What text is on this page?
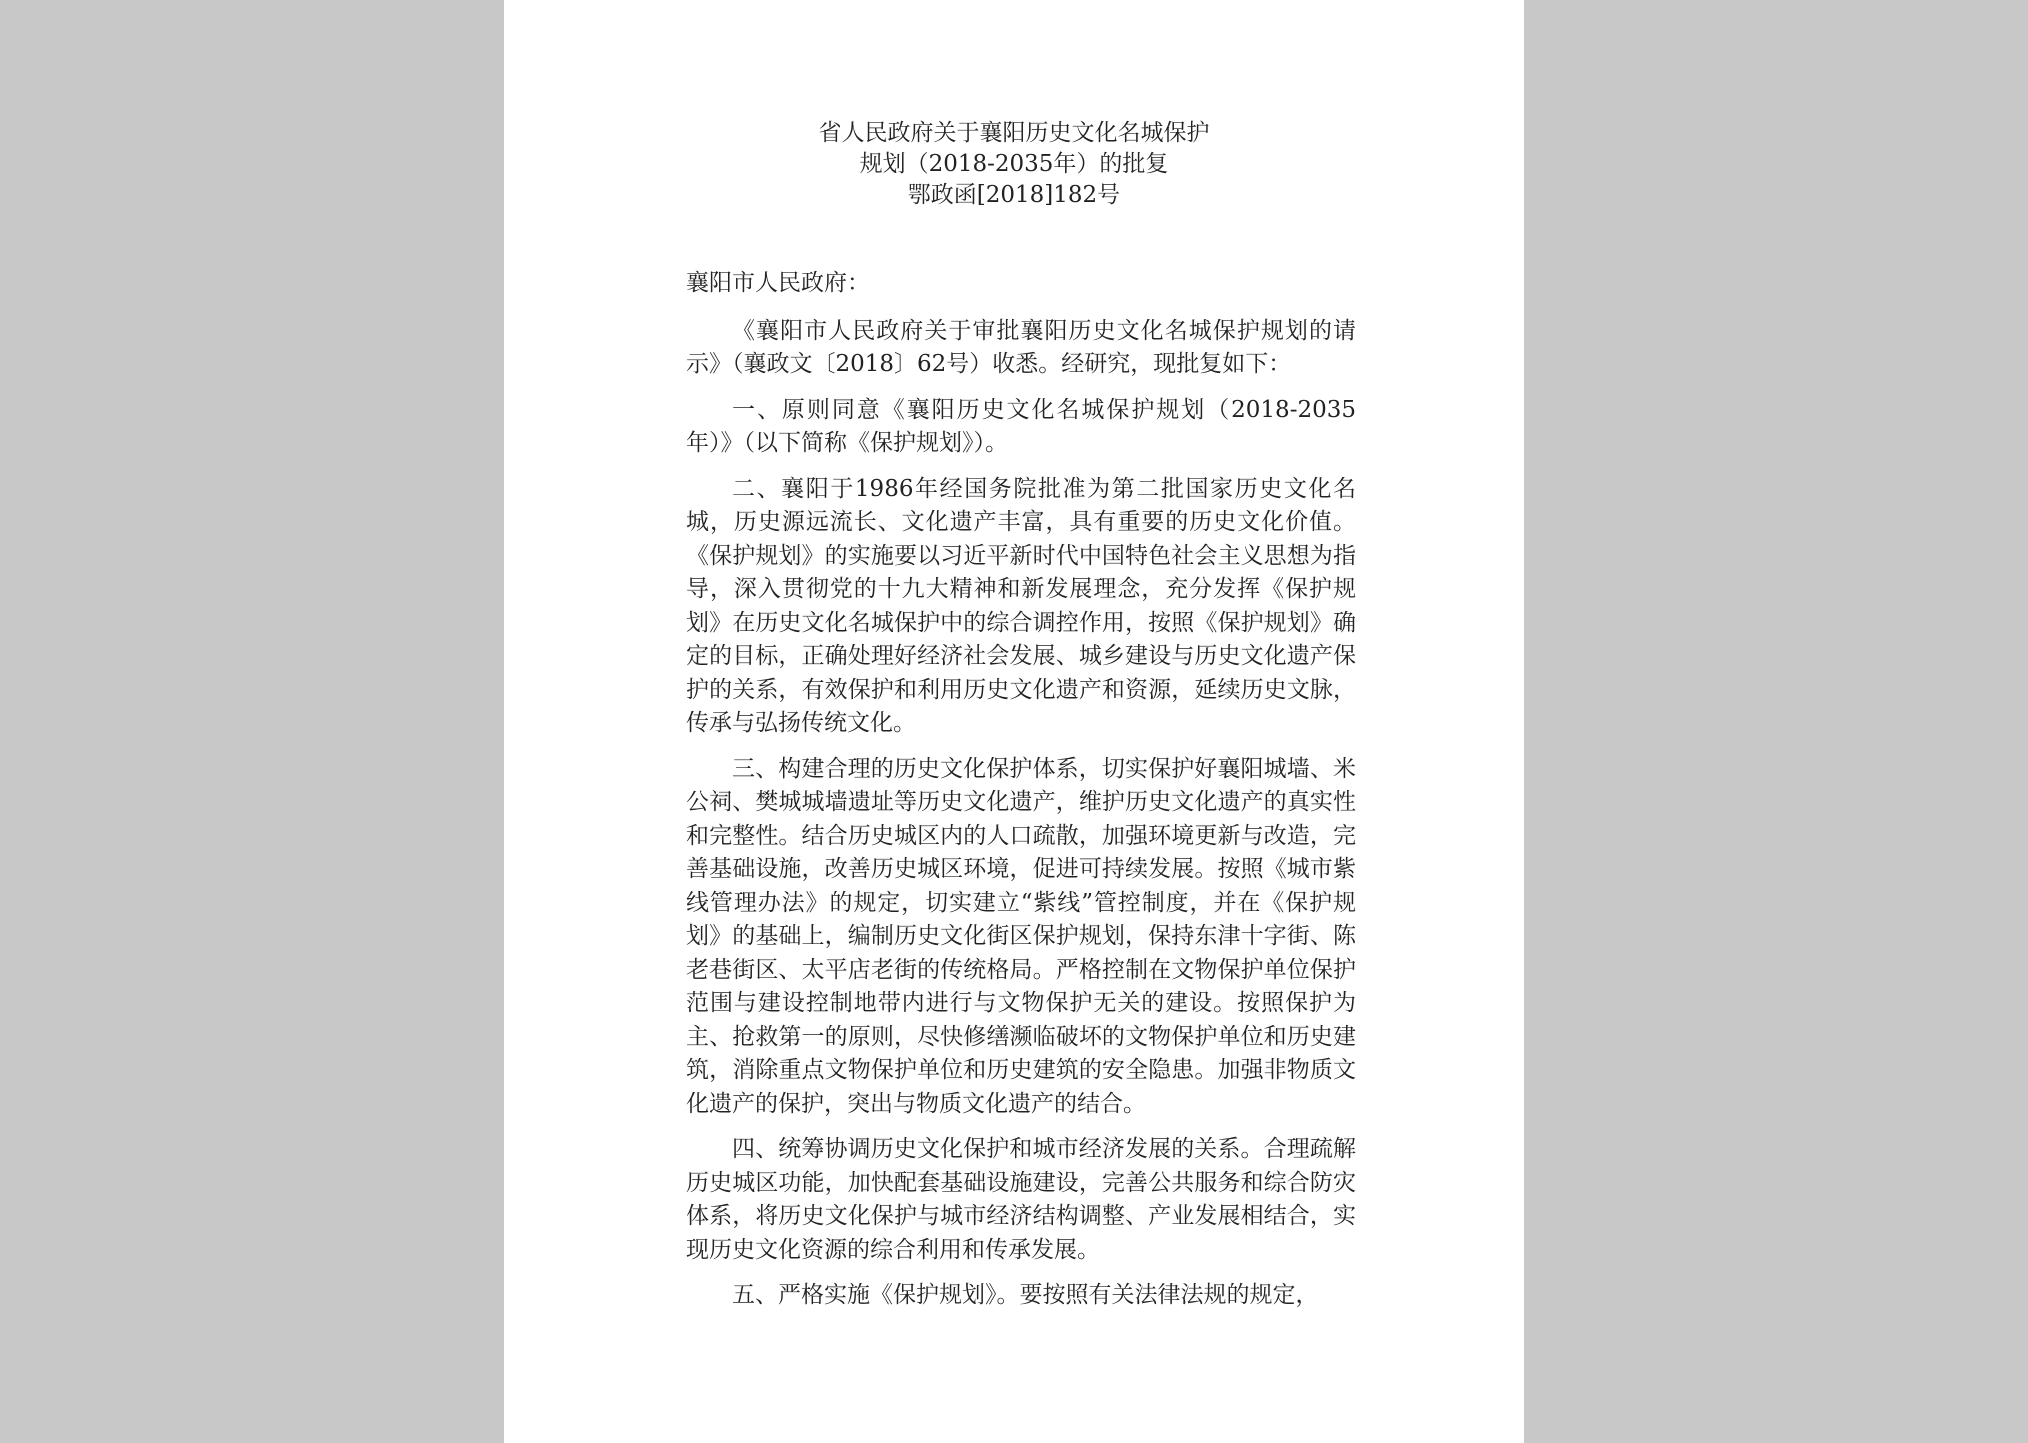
省人民政府关于襄阳历史文化名城保护
规划（2018-2035年）的批复
鄂政函[2018]182号

襄阳市人民政府：

《襄阳市人民政府关于审批襄阳历史文化名城保护规划的请示》（襄政文〔2018〕62号）收悉。经研究，现批复如下：

一、原则同意《襄阳历史文化名城保护规划（2018-2035年）》（以下简称《保护规划》）。

二、襄阳于1986年经国务院批准为第二批国家历史文化名城，历史源远流长、文化遗产丰富，具有重要的历史文化价值。《保护规划》的实施要以习近平新时代中国特色社会主义思想为指导，深入贯彻党的十九大精神和新发展理念，充分发挥《保护规划》在历史文化名城保护中的综合调控作用，按照《保护规划》确定的目标，正确处理好经济社会发展、城乡建设与历史文化遗产保护的关系，有效保护和利用历史文化遗产和资源，延续历史文脉，传承与弘扬传统文化。

三、构建合理的历史文化保护体系，切实保护好襄阳城墙、米公祠、樊城城墙遗址等历史文化遗产，维护历史文化遗产的真实性和完整性。结合历史城区内的人口疏散，加强环境更新与改造，完善基础设施，改善历史城区环境，促进可持续发展。按照《城市紫线管理办法》的规定，切实建立“紫线”管控制度，并在《保护规划》的基础上，编制历史文化街区保护规划，保持东津十字街、陈老巷街区、太平店老街的传统格局。严格控制在文物保护单位保护范围与建设控制地带内进行与文物保护无关的建设。按照保护为主、抢救第一的原则，尽快修缮濒临破坏的文物保护单位和历史建筑，消除重点文物保护单位和历史建筑的安全隐患。加强非物质文化遗产的保护，突出与物质文化遗产的结合。

四、统筹协调历史文化保护和城市经济发展的关系。合理疏解历史城区功能，加快配套基础设施建设，完善公共服务和综合防灾体系，将历史文化保护与城市经济结构调整、产业发展相结合，实现历史文化资源的综合利用和传承发展。

五、严格实施《保护规划》。要按照有关法律法规的规定，
